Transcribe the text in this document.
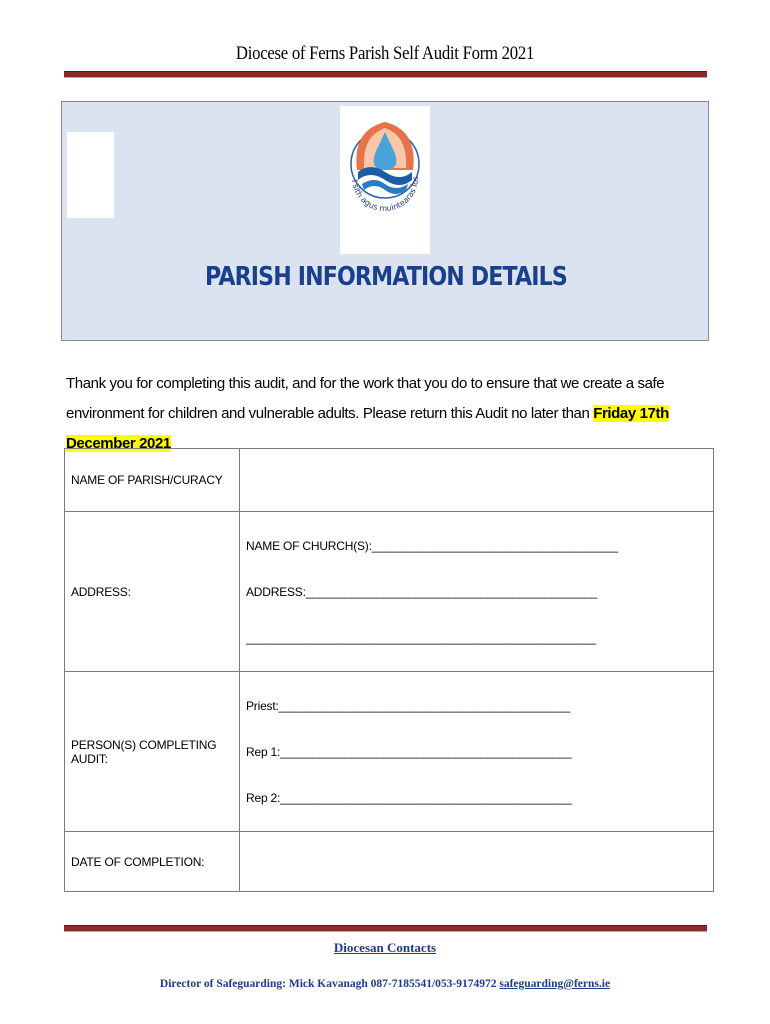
Diocese of Ferns Parish Self Audit Form 2021
I sith agus muintearas Íos
PARISH INFORMATION DETAILS
Thank you for completing this audit, and for the work that you do to ensure that we create a safe environment for children and vulnerable adults. Please return this Audit no later than Friday 17th December 2021
NAME OF PARISH/CURACY	
ADDRESS:	NAME OF CHURCH(S):______________________________________
ADDRESS:_____________________________________________
______________________________________________________

PERSON(S) COMPLETING AUDIT:	Priest:_____________________________________________
Rep 1:_____________________________________________
Rep 2:_____________________________________________

DATE OF COMPLETION:	
Diocesan Contacts
Director of Safeguarding: Mick Kavanagh 087-7185541/053-9174972 safeguarding@ferns.ie
